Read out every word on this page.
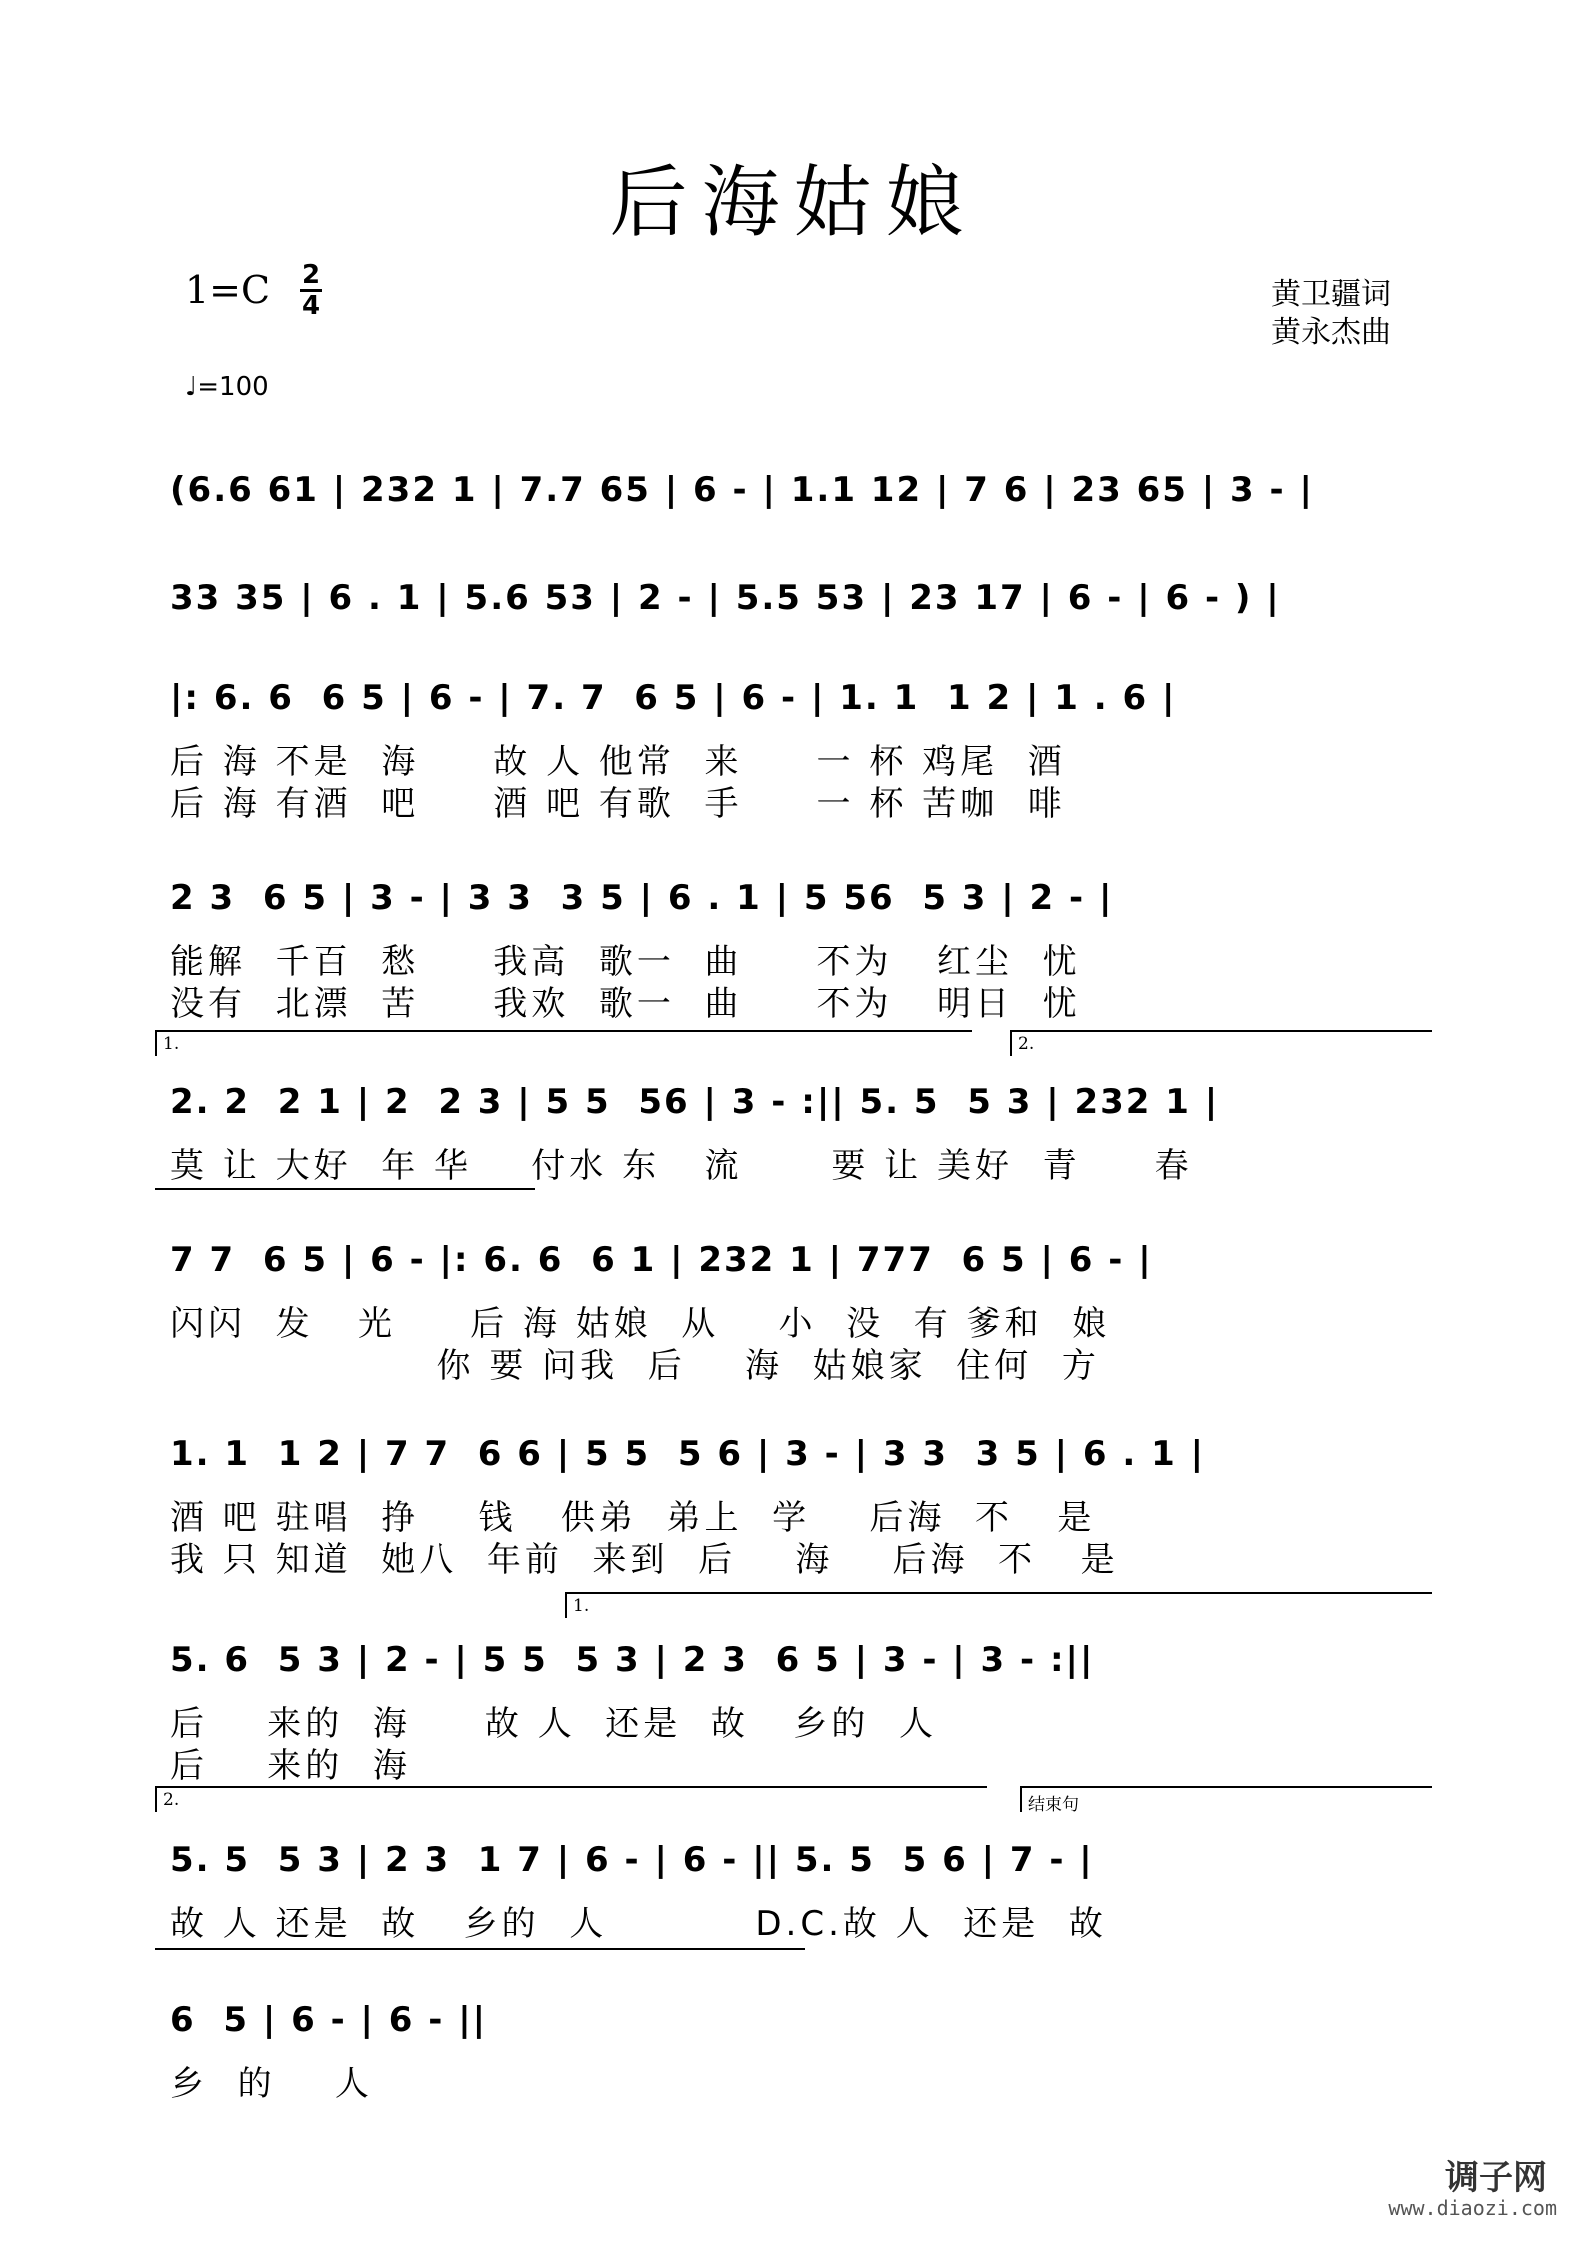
后海姑娘
1=C 2
4
♩=100
黄卫疆词
黄永杰曲
(6.6 61 | 232 1 | 7.7 65 | 6 - | 1.1 12 | 7 6 | 23 65 | 3 - |
33 35 | 6 . 1 | 5.6 53 | 2 - | 5.5 53 | 23 17 | 6 - | 6 - ) |
|: 6. 6  6 5 | 6 - | 7. 7  6 5 | 6 - | 1. 1  1 2 | 1 . 6 |
后 海 不是  海     故 人 他常  来     一 杯 鸡尾  酒
后 海 有酒  吧     酒 吧 有歌  手     一 杯 苦咖  啡
2 3  6 5 | 3 - | 3 3  3 5 | 6 . 1 | 5 56  5 3 | 2 - |
能解  千百  愁     我高  歌一  曲     不为   红尘  忧
没有  北漂  苦     我欢  歌一  曲     不为   明日  忧
1.	2.
2. 2  2 1 | 2  2 3 | 5 5  56 | 3 - :|| 5. 5  5 3 | 232 1 |
莫 让 大好  年 华    付水 东   流      要 让 美好  青     春
7 7  6 5 | 6 - |: 6. 6  6 1 | 232 1 | 777  6 5 | 6 - |
闪闪  发   光     后 海 姑娘  从    小  没  有 爹和  娘
你 要 问我  后    海  姑娘家  住何  方
1. 1  1 2 | 7 7  6 6 | 5 5  5 6 | 3 - | 3 3  3 5 | 6 . 1 |
酒 吧 驻唱  挣    钱   供弟  弟上  学    后海  不   是
我 只 知道  她八  年前  来到  后    海    后海  不   是
1.
5. 6  5 3 | 2 - | 5 5  5 3 | 2 3  6 5 | 3 - | 3 - :||
后    来的  海     故 人  还是  故   乡的  人
后    来的  海
2.	结束句
5. 5  5 3 | 2 3  1 7 | 6 - | 6 - || 5. 5  5 6 | 7 - |
故 人 还是  故   乡的  人          D.C.故 人  还是  故
6  5 | 6 - | 6 - ||
乡  的    人
调子网
www.diaozi.com
